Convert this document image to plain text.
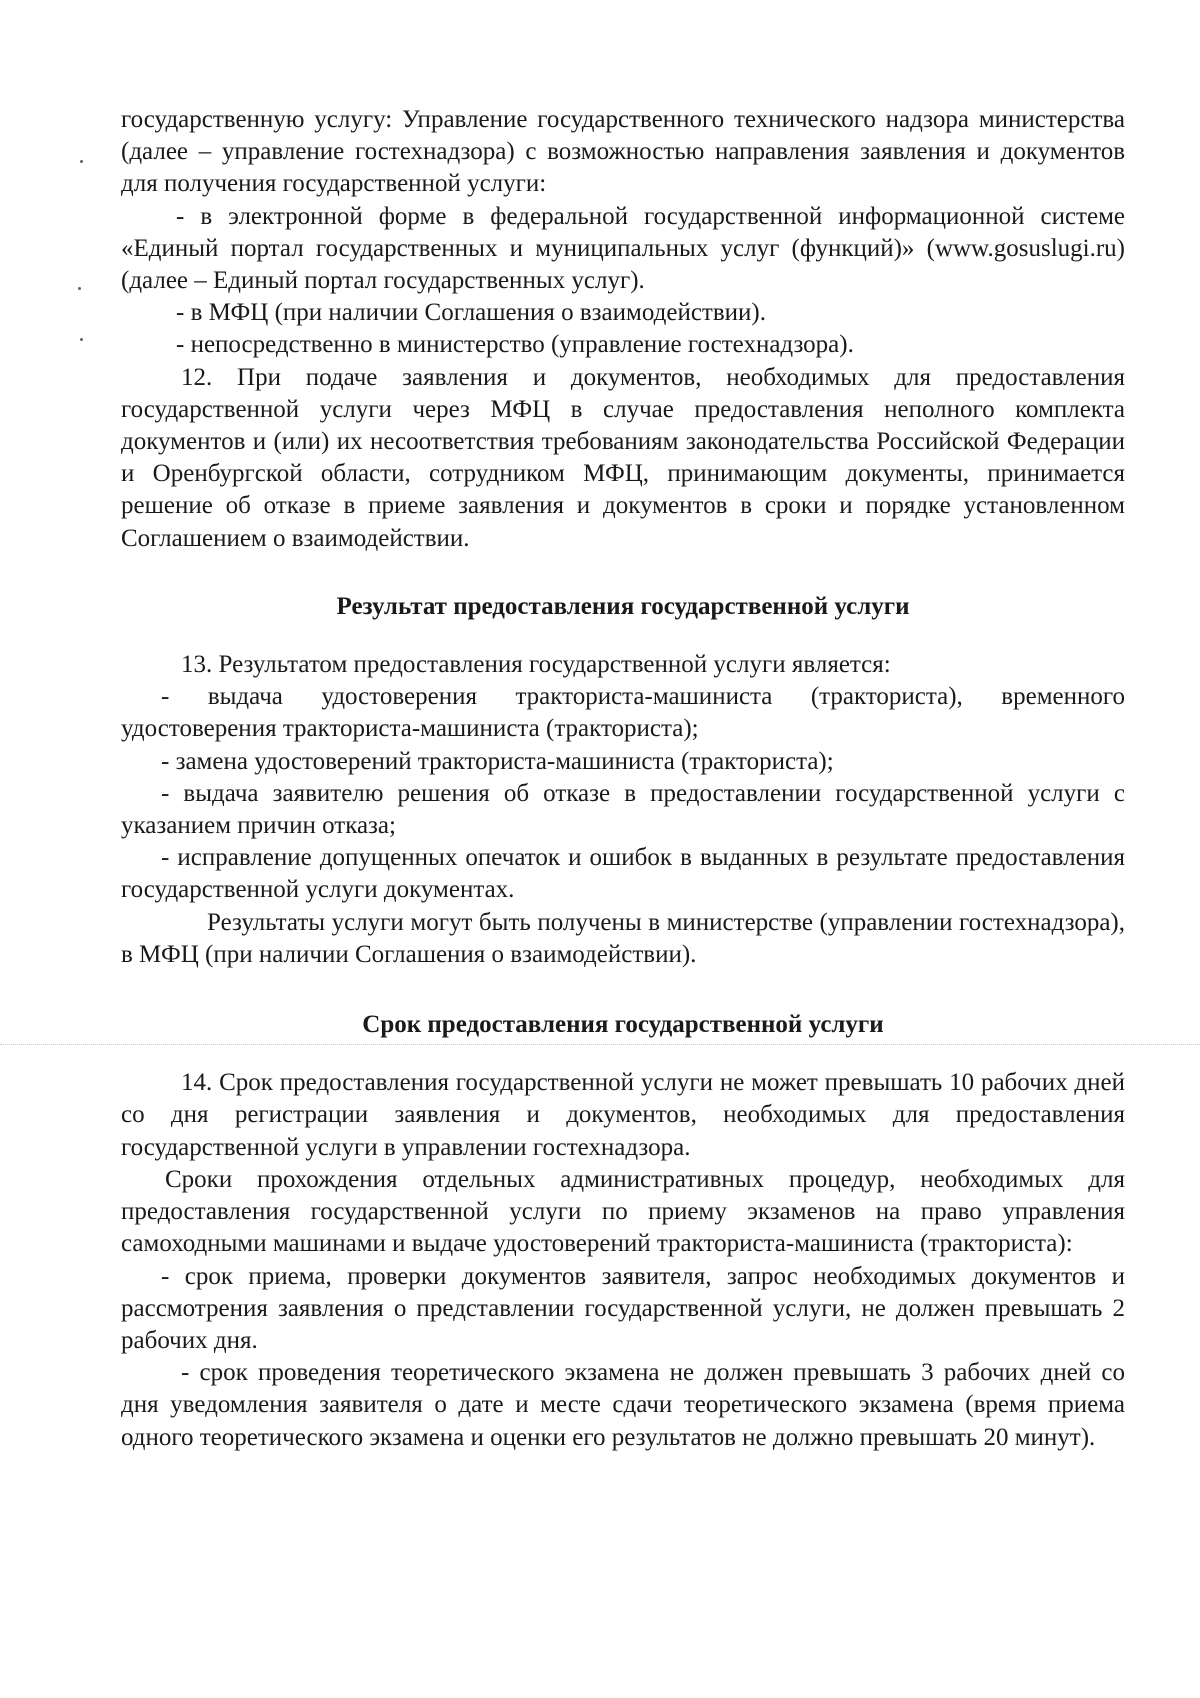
государственную услугу: Управление государственного технического надзора министерства (далее – управление гостехнадзора) с возможностью направления заявления и документов для получения государственной услуги:

- в электронной форме в федеральной государственной информационной системе «Единый портал государственных и муниципальных услуг (функций)» (www.gosuslugi.ru) (далее – Единый портал государственных услуг).

- в МФЦ (при наличии Соглашения о взаимодействии).

- непосредственно в министерство (управление гостехнадзора).

12. При подаче заявления и документов, необходимых для предоставления государственной услуги через МФЦ в случае предоставления неполного комплекта документов и (или) их несоответствия требованиям законодательства Российской Федерации и Оренбургской области, сотрудником МФЦ, принимающим документы, принимается решение об отказе в приеме заявления и документов в сроки и порядке установленном Соглашением о взаимодействии.

Результат предоставления государственной услуги

13. Результатом предоставления государственной услуги является:

- выдача удостоверения тракториста-машиниста (тракториста), временного удостоверения тракториста-машиниста (тракториста);

- замена удостоверений тракториста-машиниста (тракториста);

- выдача заявителю решения об отказе в предоставлении государственной услуги с указанием причин отказа;

- исправление допущенных опечаток и ошибок в выданных в результате предоставления государственной услуги документах.

Результаты услуги могут быть получены в министерстве (управлении гостехнадзора), в МФЦ (при наличии Соглашения о взаимодействии).

Срок предоставления государственной услуги

14. Срок предоставления государственной услуги не может превышать 10 рабочих дней со дня регистрации заявления и документов, необходимых для предоставления государственной услуги в управлении гостехнадзора.

Сроки прохождения отдельных административных процедур, необходимых для предоставления государственной услуги по приему экзаменов на право управления самоходными машинами и выдаче удостоверений тракториста-машиниста (тракториста):

- срок приема, проверки документов заявителя, запрос необходимых документов и рассмотрения заявления о представлении государственной услуги, не должен превышать 2 рабочих дня.

- срок проведения теоретического экзамена не должен превышать 3 рабочих дней со дня уведомления заявителя о дате и месте сдачи теоретического экзамена (время приема одного теоретического экзамена и оценки его результатов не должно превышать 20 минут).
